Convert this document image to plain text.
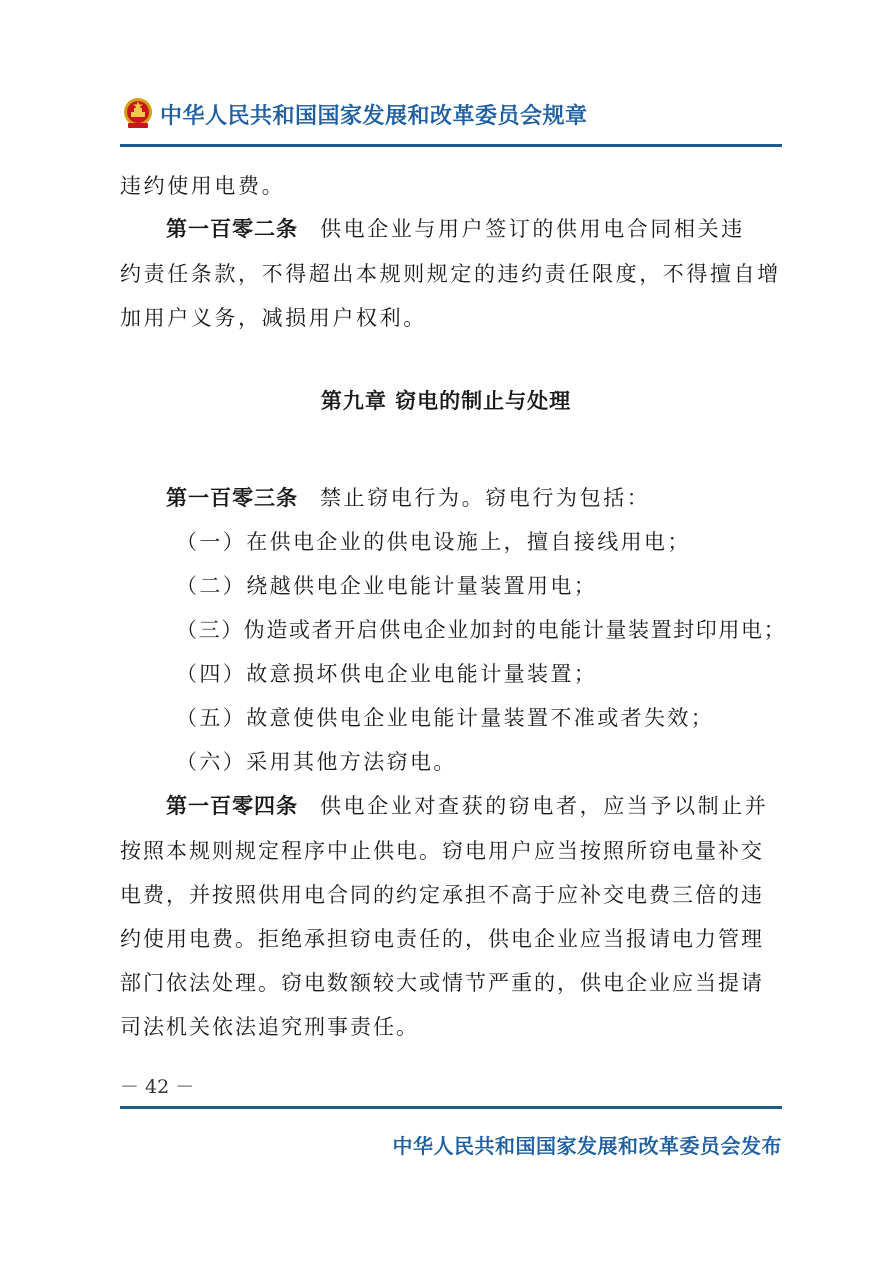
中华人民共和国国家发展和改革委员会规章
违约使用电费。
第一百零二条 供电企业与用户签订的供用电合同相关违
约责任条款，不得超出本规则规定的违约责任限度，不得擅自增
加用户义务，减损用户权利。
第九章 窃电的制止与处理
第一百零三条 禁止窃电行为。窃电行为包括：
（一）在供电企业的供电设施上，擅自接线用电；
（二）绕越供电企业电能计量装置用电；
（三）伪造或者开启供电企业加封的电能计量装置封印用电；
（四）故意损坏供电企业电能计量装置；
（五）故意使供电企业电能计量装置不准或者失效；
（六）采用其他方法窃电。
第一百零四条 供电企业对查获的窃电者，应当予以制止并
按照本规则规定程序中止供电。窃电用户应当按照所窃电量补交
电费，并按照供用电合同的约定承担不高于应补交电费三倍的违
约使用电费。拒绝承担窃电责任的，供电企业应当报请电力管理
部门依法处理。窃电数额较大或情节严重的，供电企业应当提请
司法机关依法追究刑事责任。
－ 42 －
中华人民共和国国家发展和改革委员会发布
